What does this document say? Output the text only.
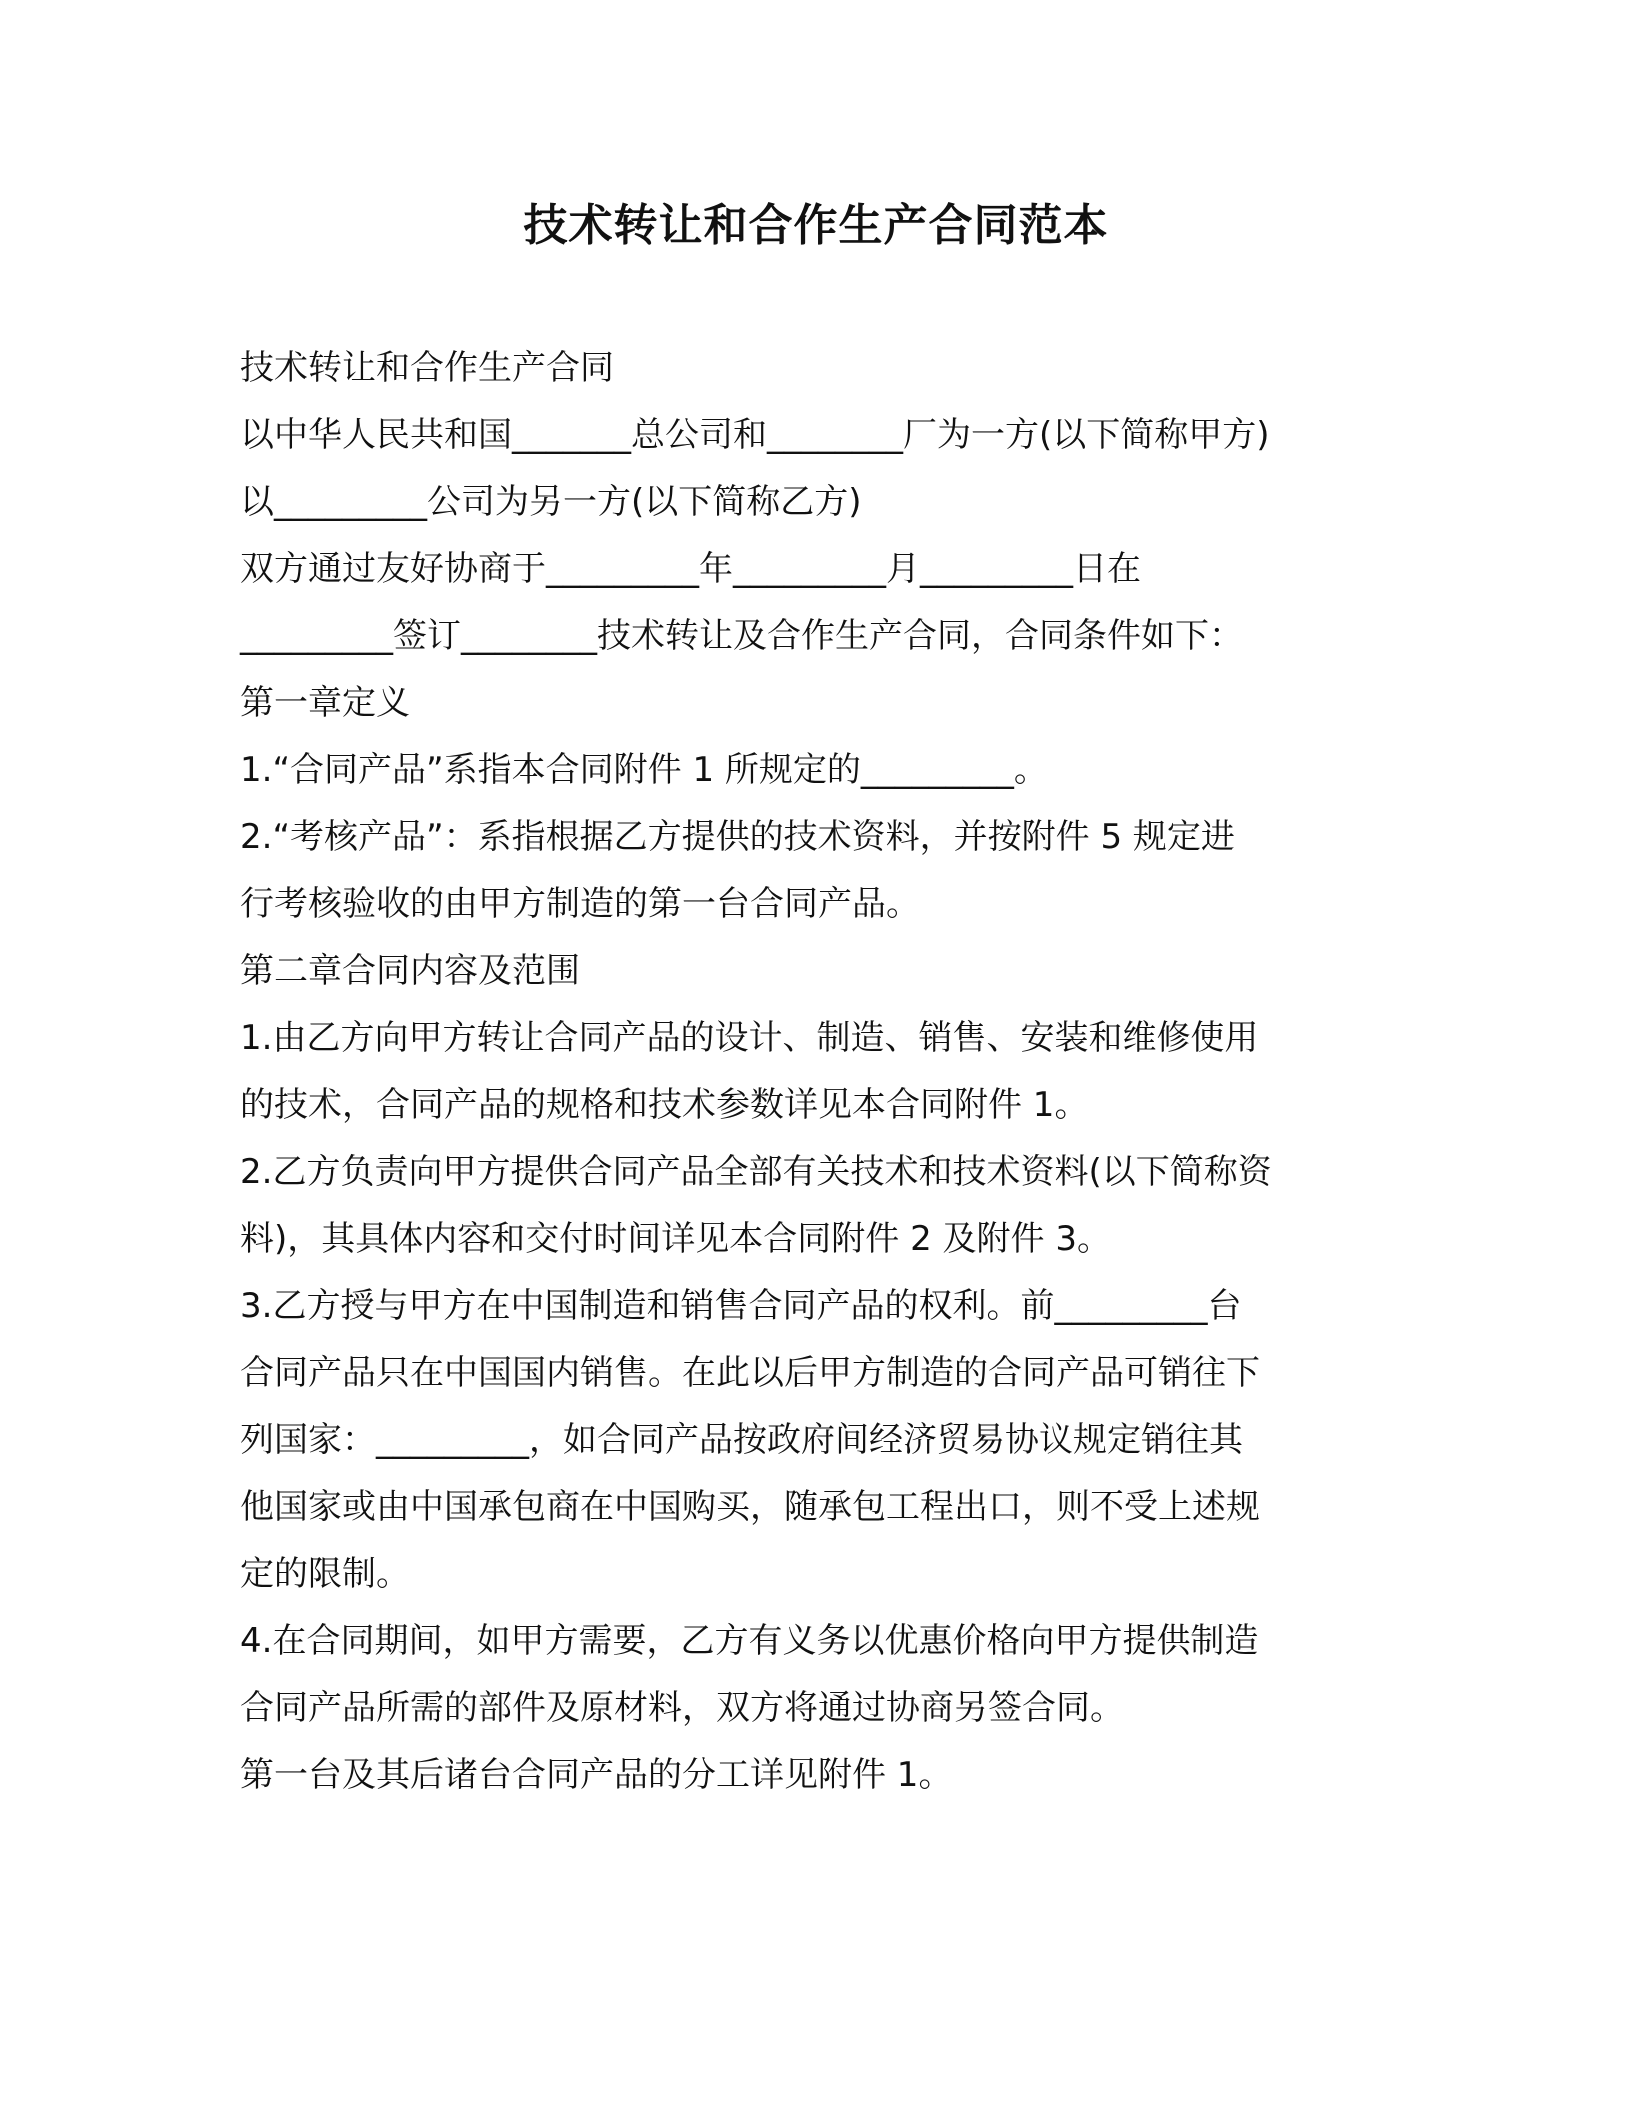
技术转让和合作生产合同范本
技术转让和合作生产合同
以中华人民共和国_______总公司和________厂为一方(以下简称甲方)
以_________公司为另一方(以下简称乙方)
双方通过友好协商于_________年_________月_________日在
_________签订________技术转让及合作生产合同，合同条件如下：
第一章定义
1.“合同产品”系指本合同附件 1 所规定的_________。
2.“考核产品”：系指根据乙方提供的技术资料，并按附件 5 规定进
行考核验收的由甲方制造的第一台合同产品。
第二章合同内容及范围
1.由乙方向甲方转让合同产品的设计、制造、销售、安装和维修使用
的技术，合同产品的规格和技术参数详见本合同附件 1。
2.乙方负责向甲方提供合同产品全部有关技术和技术资料(以下简称资
料)，其具体内容和交付时间详见本合同附件 2 及附件 3。
3.乙方授与甲方在中国制造和销售合同产品的权利。前_________台
合同产品只在中国国内销售。在此以后甲方制造的合同产品可销往下
列国家：_________，如合同产品按政府间经济贸易协议规定销往其
他国家或由中国承包商在中国购买，随承包工程出口，则不受上述规
定的限制。
4.在合同期间，如甲方需要，乙方有义务以优惠价格向甲方提供制造
合同产品所需的部件及原材料，双方将通过协商另签合同。
第一台及其后诸台合同产品的分工详见附件 1。
